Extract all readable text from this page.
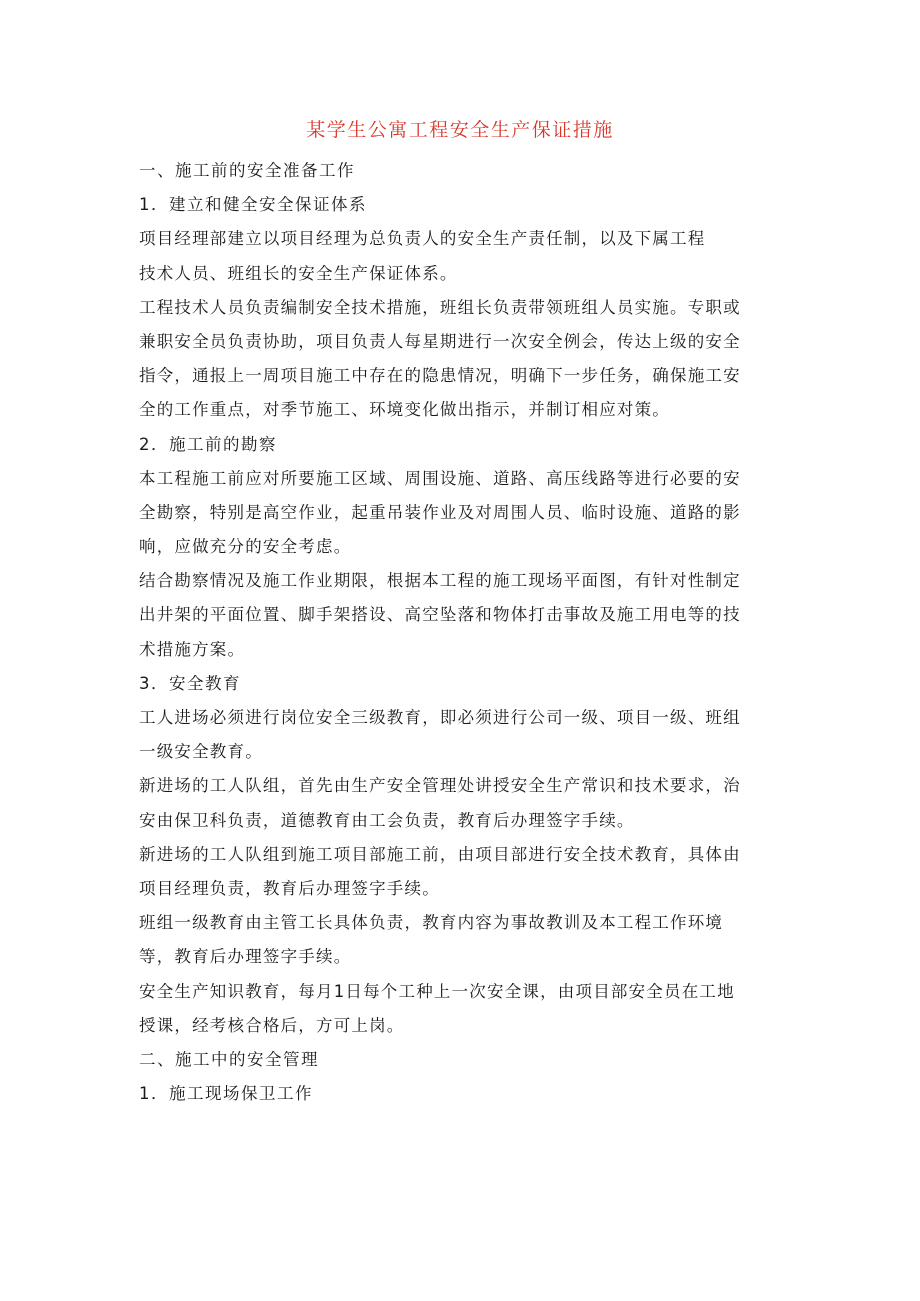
某学生公寓工程安全生产保证措施

一、施工前的安全准备工作

1．建立和健全安全保证体系

项目经理部建立以项目经理为总负责人的安全生产责任制，以及下属工程

技术人员、班组长的安全生产保证体系。

工程技术人员负责编制安全技术措施，班组长负责带领班组人员实施。专职或

兼职安全员负责协助，项目负责人每星期进行一次安全例会，传达上级的安全

指令，通报上一周项目施工中存在的隐患情况，明确下一步任务，确保施工安

全的工作重点，对季节施工、环境变化做出指示，并制订相应对策。

2．施工前的勘察

本工程施工前应对所要施工区域、周围设施、道路、高压线路等进行必要的安

全勘察，特别是高空作业，起重吊装作业及对周围人员、临时设施、道路的影

响，应做充分的安全考虑。

结合勘察情况及施工作业期限，根据本工程的施工现场平面图，有针对性制定

出井架的平面位置、脚手架搭设、高空坠落和物体打击事故及施工用电等的技

术措施方案。

3．安全教育

工人进场必须进行岗位安全三级教育，即必须进行公司一级、项目一级、班组

一级安全教育。

新进场的工人队组，首先由生产安全管理处讲授安全生产常识和技术要求，治

安由保卫科负责，道德教育由工会负责，教育后办理签字手续。

新进场的工人队组到施工项目部施工前，由项目部进行安全技术教育，具体由

项目经理负责，教育后办理签字手续。

班组一级教育由主管工长具体负责，教育内容为事故教训及本工程工作环境

等，教育后办理签字手续。

安全生产知识教育，每月1日每个工种上一次安全课，由项目部安全员在工地

授课，经考核合格后，方可上岗。

二、施工中的安全管理

1．施工现场保卫工作
